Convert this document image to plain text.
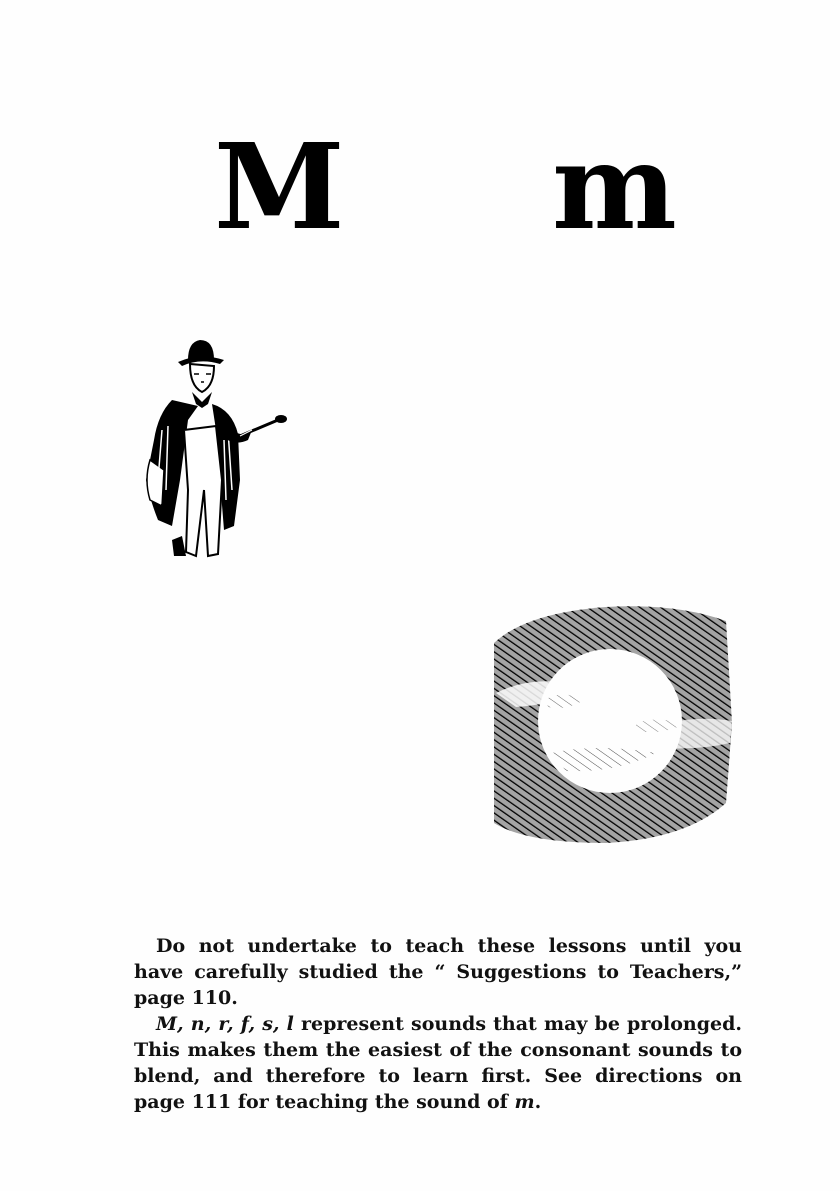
M m

Do not undertake to teach these lessons until you have carefully studied the “ Suggestions to Teachers,” page 110.

M, n, r, f, s, l represent sounds that may be prolonged. This makes them the easiest of the consonant sounds to blend, and therefore to learn first. See directions on page 111 for teaching the sound of m.
